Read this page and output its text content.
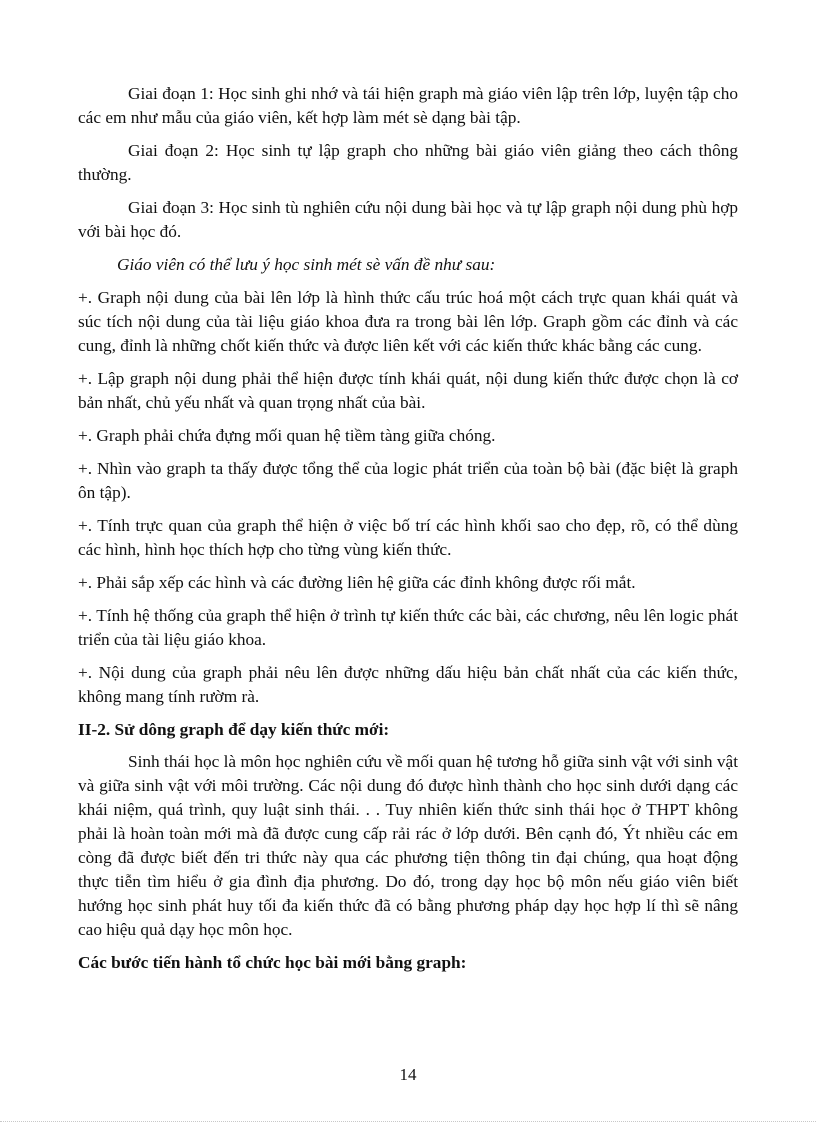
Giai đoạn 1: Học sinh ghi nhớ và tái hiện graph mà giáo viên lập trên lớp, luyện tập cho các em như mẫu của giáo viên, kết hợp làm mét sè dạng bài tập.

Giai đoạn 2: Học sinh tự lập graph cho những bài giáo viên giảng theo cách thông thường.

Giai đoạn 3: Học sinh tù nghiên cứu nội dung bài học và tự lập graph nội dung phù hợp với bài học đó.

Giáo viên có thể lưu ý học sinh mét sè vấn đề như sau:

+. Graph nội dung của bài lên lớp là hình thức cấu trúc hoá một cách trực quan khái quát và súc tích nội dung của tài liệu giáo khoa đưa ra trong bài lên lớp. Graph gồm các đỉnh và các cung, đỉnh là những chốt kiến thức và được liên kết với các kiến thức khác bằng các cung.

+. Lập graph nội dung phải thể hiện được tính khái quát, nội dung kiến thức được chọn là cơ bản nhất, chủ yếu nhất và quan trọng nhất của bài.

+. Graph phải chứa đựng mối quan hệ tiềm tàng giữa chóng.

+. Nhìn vào graph ta thấy được tổng thể của logic phát triển của toàn bộ bài (đặc biệt là graph ôn tập).

+. Tính trực quan của graph thể hiện ở việc bố trí các hình khối sao cho đẹp, rõ, có thể dùng các hình, hình học thích hợp cho từng vùng kiến thức.

+. Phải sắp xếp các hình và các đường liên hệ giữa các đỉnh không được rối mắt.

+. Tính hệ thống của graph thể hiện ở trình tự kiến thức các bài, các chương, nêu lên logic phát triển của tài liệu giáo khoa.

+. Nội dung của graph phải nêu lên được những dấu hiệu bản chất nhất của các kiến thức, không mang tính rườm rà.

II-2. Sử dông graph để dạy kiến thức mới:

Sinh thái học là môn học nghiên cứu về mối quan hệ tương hỗ giữa sinh vật với sinh vật và giữa sinh vật với môi trường. Các nội dung đó được hình thành cho học sinh dưới dạng các khái niệm, quá trình, quy luật sinh thái. . . Tuy nhiên kiến thức sinh thái học ở THPT không phải là hoàn toàn mới mà đã được cung cấp rải rác ở lớp dưới. Bên cạnh đó, Ýt nhiều các em còng đã được biết đến tri thức này qua các phương tiện thông tin đại chúng, qua hoạt động thực tiễn tìm hiểu ở gia đình địa phương. Do đó, trong dạy học bộ môn nếu giáo viên biết hướng học sinh phát huy tối đa kiến thức đã có bằng phương pháp dạy học hợp lí thì sẽ nâng cao hiệu quả dạy học môn học.

Các bước tiến hành tổ chức học bài mới bằng graph:

14
